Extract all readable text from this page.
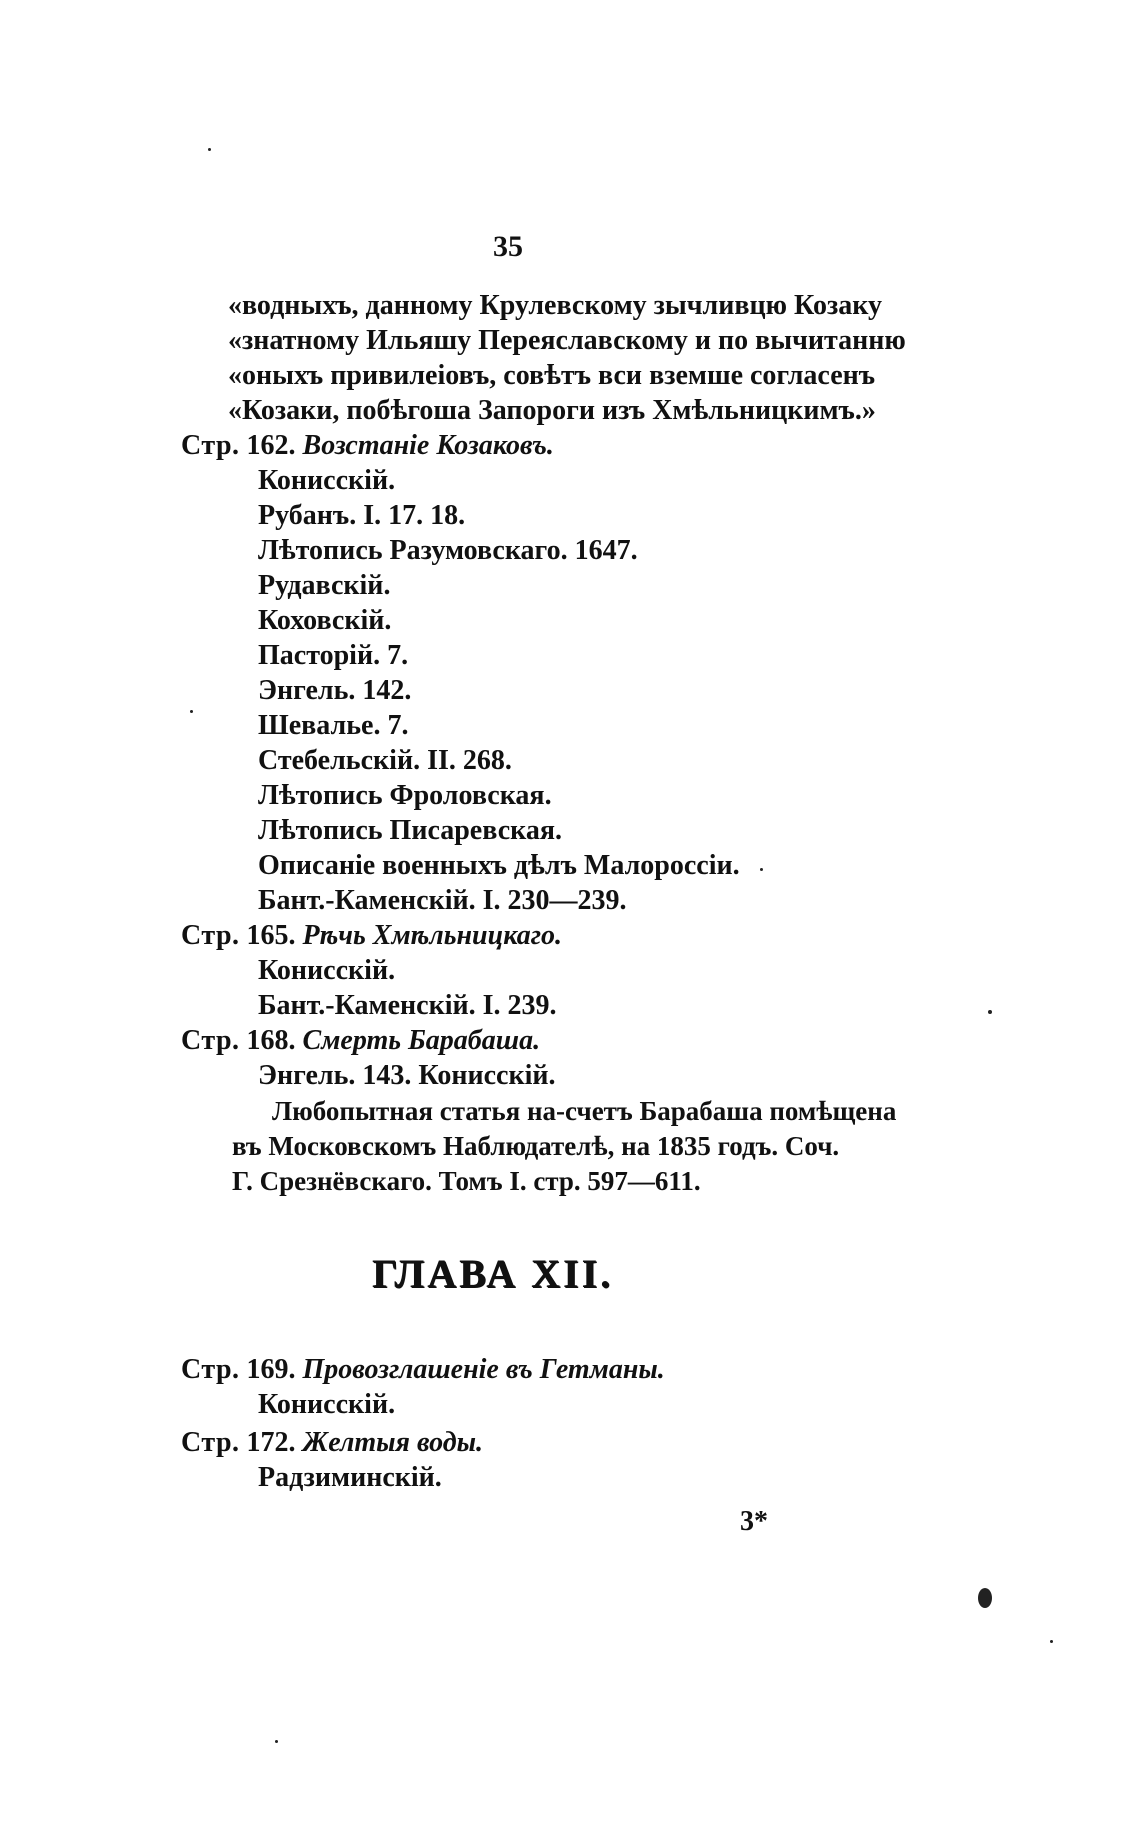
35
«водныхъ, данному Крулевскому зычливцю Козаку
«знатному Ильяшу Переяславскому и по вычитанню
«оныхъ привилеiовъ, совѣтъ вси вземше согласенъ
«Козаки, побѣгоша Запороги изъ Хмѣльницкимъ.»
Стр. 162. Возстанiе Козаковъ.
Конисскiй.
Рубанъ. I. 17. 18.
Лѣтопись Разумовскаго. 1647.
Рудавскiй.
Коховскiй.
Пасторiй. 7.
Энгель. 142.
Шевалье. 7.
Стебельскiй. II. 268.
Лѣтопись Фроловская.
Лѣтопись Писаревская.
Описанiе военныхъ дѣлъ Малороссiи.
Бант.-Каменскiй. I. 230—239.
Стр. 165. Рѣчь Хмѣльницкаго.
Конисскiй.
Бант.-Каменскiй. I. 239.
Стр. 168. Смерть Барабаша.
Энгель. 143. Конисскiй.
Любопытная статья на-счетъ Барабаша помѣщена
въ Московскомъ Наблюдателѣ, на 1835 годъ. Соч.
Г. Срезнёвскаго. Томъ I. стр. 597—611.
ГЛАВА XII.
Стр. 169. Провозглашенiе въ Гетманы.
Конисскiй.
Стр. 172. Желтыя воды.
Радзиминскiй.
3*
